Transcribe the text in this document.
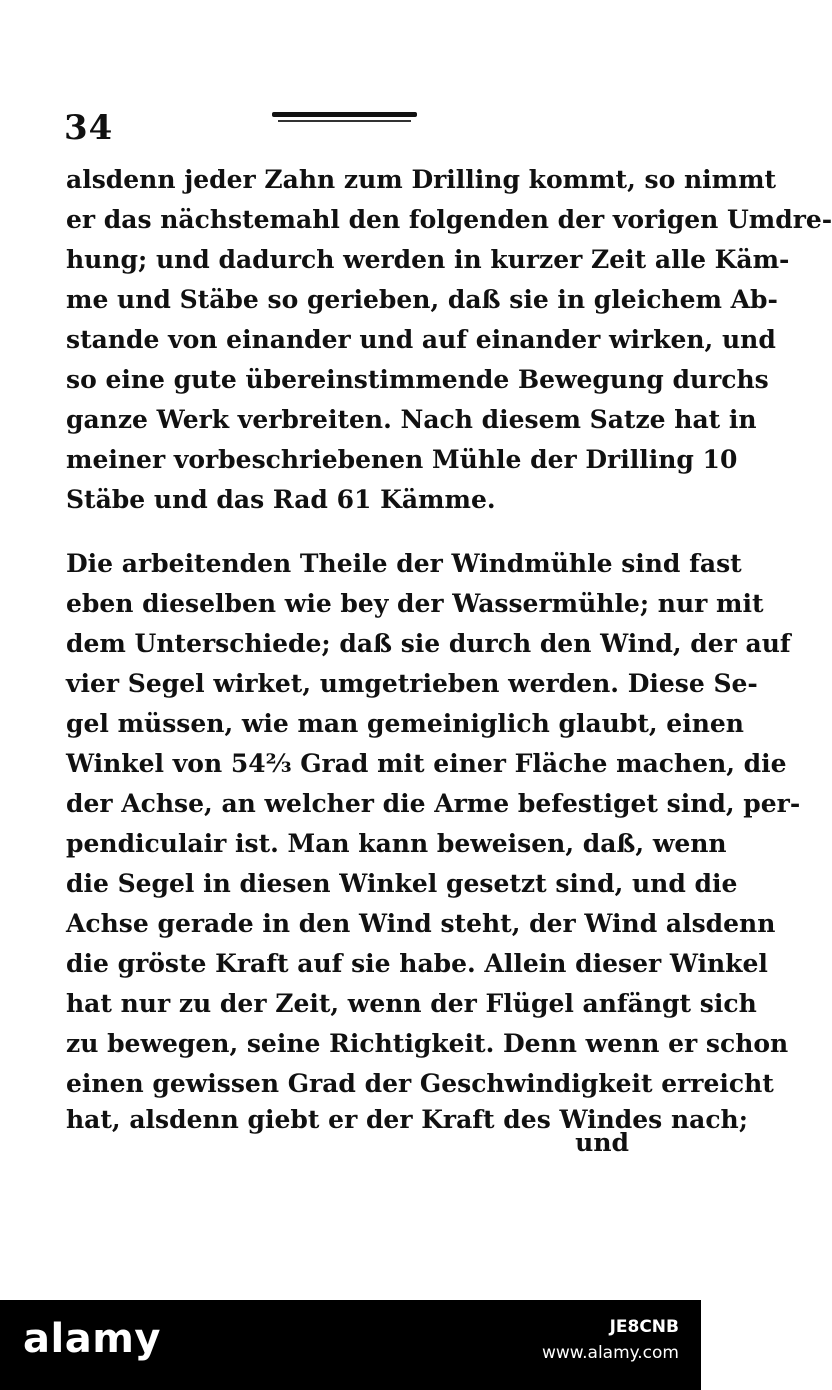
34
alsdenn jeder Zahn zum Drilling kommt, so nimmt
er das nächstemahl den folgenden der vorigen Umdre-
hung; und dadurch werden in kurzer Zeit alle Käm-
me und Stäbe so gerieben, daß sie in gleichem Ab-
stande von einander und auf einander wirken, und
so eine gute übereinstimmende Bewegung durchs
ganze Werk verbreiten. Nach diesem Satze hat in
meiner vorbeschriebenen Mühle der Drilling 10
Stäbe und das Rad 61 Kämme.
Die arbeitenden Theile der Windmühle sind fast
eben dieselben wie bey der Wassermühle; nur mit
dem Unterschiede; daß sie durch den Wind, der auf
vier Segel wirket, umgetrieben werden. Diese Se-
gel müssen, wie man gemeiniglich glaubt, einen
Winkel von 54⅔ Grad mit einer Fläche machen, die
der Achse, an welcher die Arme befestiget sind, per-
pendiculair ist. Man kann beweisen, daß, wenn
die Segel in diesen Winkel gesetzt sind, und die
Achse gerade in den Wind steht, der Wind alsdenn
die gröste Kraft auf sie habe. Allein dieser Winkel
hat nur zu der Zeit, wenn der Flügel anfängt sich
zu bewegen, seine Richtigkeit. Denn wenn er schon
einen gewissen Grad der Geschwindigkeit erreicht
hat, alsdenn giebt er der Kraft des Windes nach;
und
alamy	JE8CNB
www.alamy.com
